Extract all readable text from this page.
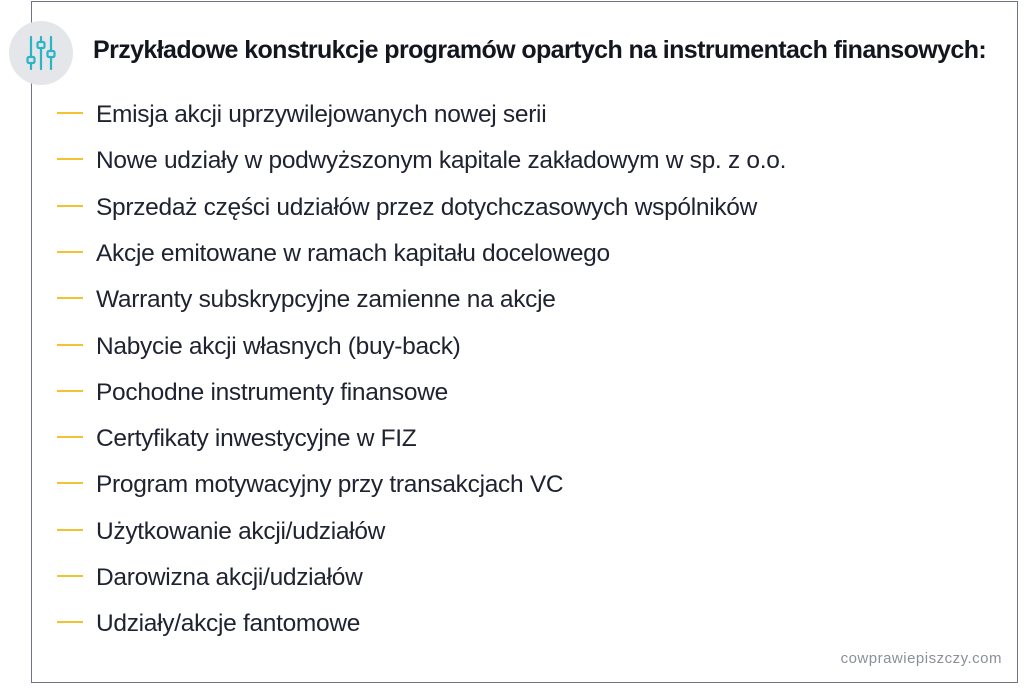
Przykładowe konstrukcje programów opartych na instrumentach finansowych:
Emisja akcji uprzywilejowanych nowej serii
Nowe udziały w podwyższonym kapitale zakładowym w sp. z o.o.
Sprzedaż części udziałów przez dotychczasowych wspólników
Akcje emitowane w ramach kapitału docelowego
Warranty subskrypcyjne zamienne na akcje
Nabycie akcji własnych (buy-back)
Pochodne instrumenty finansowe
Certyfikaty inwestycyjne w FIZ
Program motywacyjny przy transakcjach VC
Użytkowanie akcji/udziałów
Darowizna akcji/udziałów
Udziały/akcje fantomowe
cowprawiepiszczy.com
